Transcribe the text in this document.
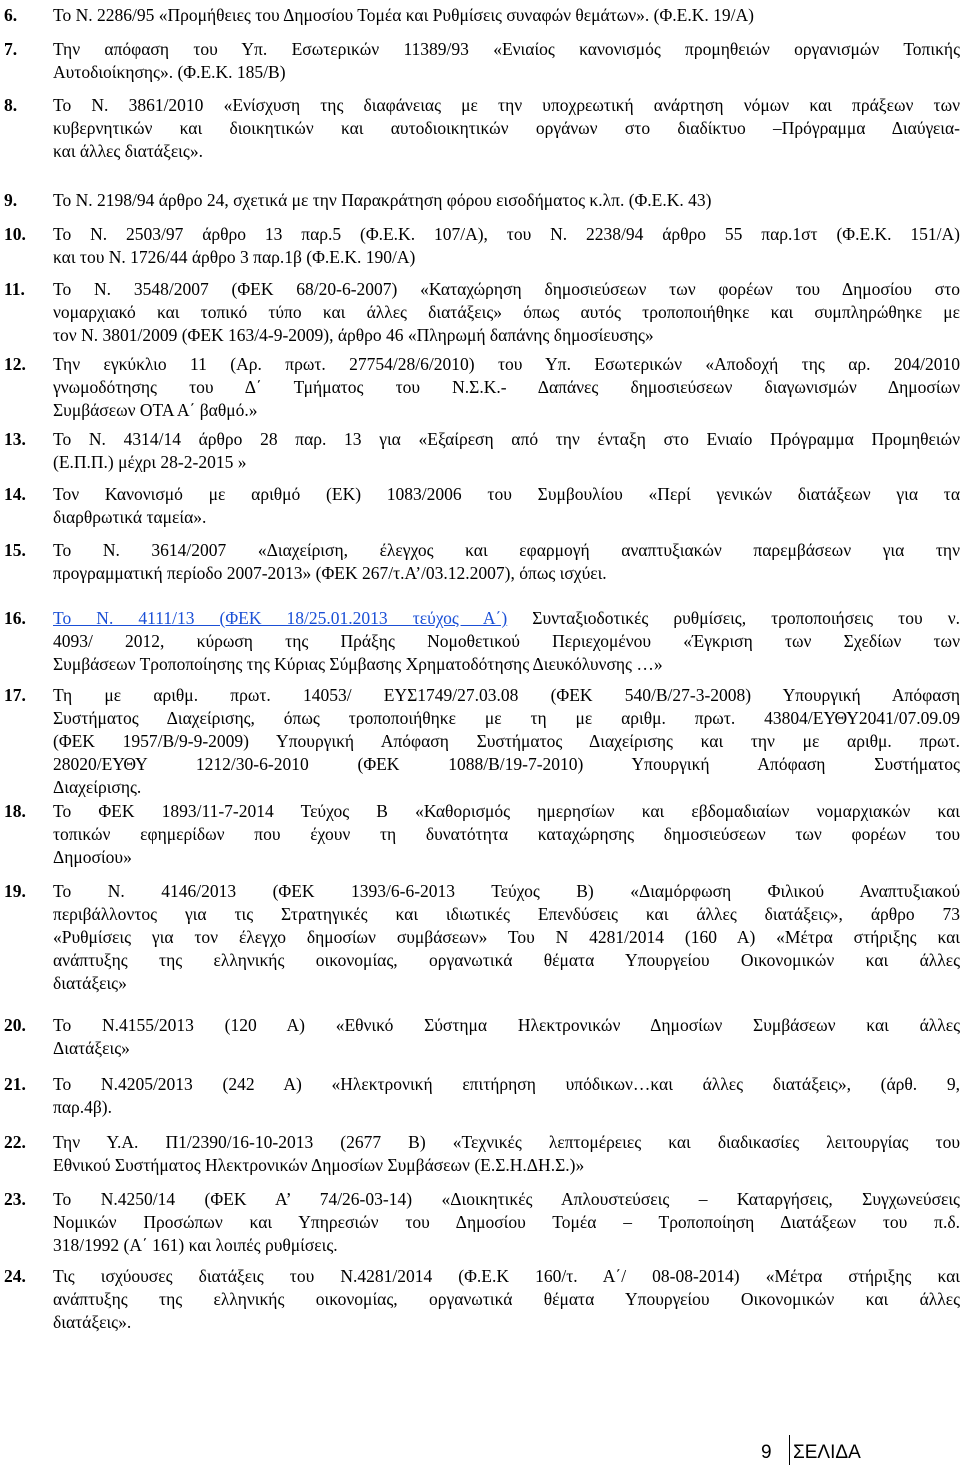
6. Το Ν. 2286/95 «Προμήθειες του Δημοσίου Τομέα και Ρυθμίσεις συναφών θεμάτων». (Φ.Ε.Κ. 19/Α)
7. Την απόφαση του Υπ. Εσωτερικών 11389/93 «Ενιαίος κανονισμός προμηθειών οργανισμών Τοπικής
Αυτοδιοίκησης». (Φ.Ε.Κ. 185/Β)
8. Το Ν. 3861/2010 «Ενίσχυση της διαφάνειας με την υποχρεωτική ανάρτηση νόμων και πράξεων των
κυβερνητικών και διοικητικών και αυτοδιοικητικών οργάνων στο διαδίκτυο –Πρόγραμμα Διαύγεια-
και άλλες διατάξεις».
9. Το Ν. 2198/94 άρθρο 24, σχετικά με την Παρακράτηση φόρου εισοδήματος κ.λπ. (Φ.Ε.Κ. 43)
10. Το Ν. 2503/97 άρθρο 13 παρ.5 (Φ.Ε.Κ. 107/Α), του Ν. 2238/94 άρθρο 55 παρ.1στ (Φ.Ε.Κ. 151/Α)
και του Ν. 1726/44 άρθρο 3 παρ.1β (Φ.Ε.Κ. 190/Α)
11. Το Ν. 3548/2007 (ΦΕΚ 68/20-6-2007) «Καταχώρηση δημοσιεύσεων των φορέων του Δημοσίου στο
νομαρχιακό και τοπικό τύπο και άλλες διατάξεις» όπως αυτός τροποποιήθηκε και συμπληρώθηκε με
τον Ν. 3801/2009 (ΦΕΚ 163/4-9-2009), άρθρο 46 «Πληρωμή δαπάνης δημοσίευσης»
12. Την εγκύκλιο 11 (Αρ. πρωτ. 27754/28/6/2010) του Υπ. Εσωτερικών «Αποδοχή της αρ. 204/2010
γνωμοδότησης του Δ΄ Τμήματος του Ν.Σ.Κ.- Δαπάνες δημοσιεύσεων διαγωνισμών Δημοσίων
Συμβάσεων ΟΤΑ Α΄ βαθμό.»
13. Το Ν. 4314/14 άρθρο 28 παρ. 13 για «Εξαίρεση από την ένταξη στο Ενιαίο Πρόγραμμα Προμηθειών
(Ε.Π.Π.) μέχρι 28-2-2015 »
14. Τον Κανονισμό με αριθμό (ΕΚ) 1083/2006 του Συμβουλίου «Περί γενικών διατάξεων για τα
διαρθρωτικά ταμεία».
15. Το Ν. 3614/2007 «Διαχείριση, έλεγχος και εφαρμογή αναπτυξιακών παρεμβάσεων για την
προγραμματική περίοδο 2007-2013» (ΦΕΚ 267/τ.Α’/03.12.2007), όπως ισχύει.
16. Το Ν. 4111/13 (ΦΕΚ 18/25.01.2013 τεύχος Α΄) Συνταξιοδοτικές ρυθμίσεις, τροποποιήσεις του ν.
4093/ 2012, κύρωση της Πράξης Νομοθετικού Περιεχομένου «Έγκριση των Σχεδίων των
Συμβάσεων Τροποποίησης της Κύριας Σύμβασης Χρηματοδότησης Διευκόλυνσης …»
17. Τη με αριθμ. πρωτ. 14053/ ΕΥΣ1749/27.03.08 (ΦΕΚ 540/Β/27-3-2008) Υπουργική Απόφαση
Συστήματος Διαχείρισης, όπως τροποποιήθηκε με τη με αριθμ. πρωτ. 43804/ΕΥΘΥ2041/07.09.09
(ΦΕΚ 1957/Β/9-9-2009) Υπουργική Απόφαση Συστήματος Διαχείρισης και την με αριθμ. πρωτ.
28020/ΕΥΘΥ 1212/30-6-2010 (ΦΕΚ 1088/Β/19-7-2010) Υπουργική Απόφαση Συστήματος
Διαχείρισης.
18. Το ΦΕΚ 1893/11-7-2014 Τεύχος Β «Καθορισμός ημερησίων και εβδομαδιαίων νομαρχιακών και
τοπικών εφημερίδων που έχουν τη δυνατότητα καταχώρησης δημοσιεύσεων των φορέων του
Δημοσίου»
19. Το Ν. 4146/2013 (ΦΕΚ 1393/6-6-2013 Τεύχος Β) «Διαμόρφωση Φιλικού Αναπτυξιακού
περιβάλλοντος για τις Στρατηγικές και ιδιωτικές Επενδύσεις και άλλες διατάξεις», άρθρο 73
«Ρυθμίσεις για τον έλεγχο δημοσίων συμβάσεων» Του Ν 4281/2014 (160 Α) «Μέτρα στήριξης και
ανάπτυξης της ελληνικής οικονομίας, οργανωτικά θέματα Υπουργείου Οικονομικών και άλλες
διατάξεις»
20. Το Ν.4155/2013 (120 Α) «Εθνικό Σύστημα Ηλεκτρονικών Δημοσίων Συμβάσεων και άλλες
Διατάξεις»
21. Το Ν.4205/2013 (242 Α) «Ηλεκτρονική επιτήρηση υπόδικων…και άλλες διατάξεις», (άρθ. 9,
παρ.4β).
22. Την Υ.Α. Π1/2390/16-10-2013 (2677 Β) «Τεχνικές λεπτομέρειες και διαδικασίες λειτουργίας του
Εθνικού Συστήματος Ηλεκτρονικών Δημοσίων Συμβάσεων (Ε.Σ.Η.ΔΗ.Σ.)»
23. Το Ν.4250/14 (ΦΕΚ Α’ 74/26-03-14) «Διοικητικές Απλουστεύσεις – Καταργήσεις, Συγχωνεύσεις
Νομικών Προσώπων και Υπηρεσιών του Δημοσίου Τομέα – Τροποποίηση Διατάξεων του π.δ.
318/1992 (Α΄ 161) και λοιπές ρυθμίσεις.
24. Τις ισχύουσες διατάξεις του Ν.4281/2014 (Φ.Ε.Κ 160/τ. Α΄/ 08-08-2014) «Μέτρα στήριξης και
ανάπτυξης της ελληνικής οικονομίας, οργανωτικά θέματα Υπουργείου Οικονομικών και άλλες
διατάξεις».
9 ΣΕΛΙΔΑ
